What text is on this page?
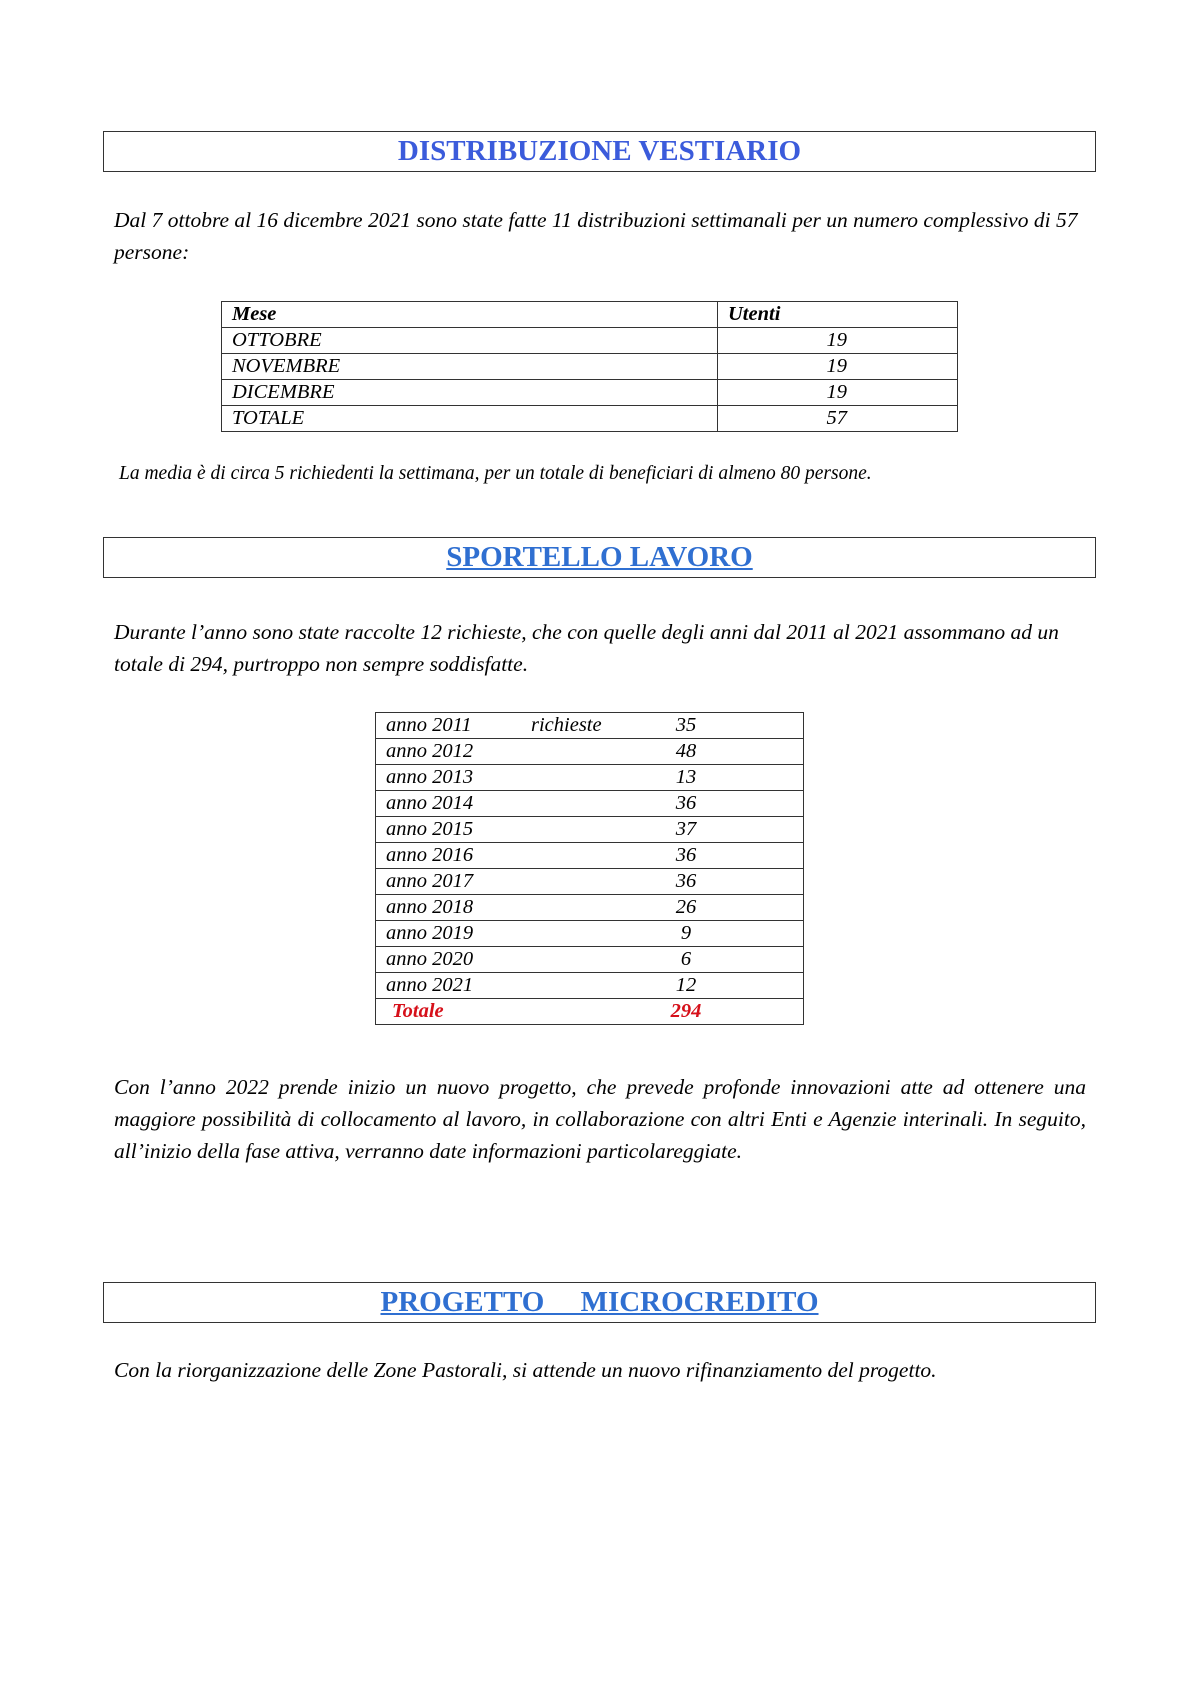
DISTRIBUZIONE VESTIARIO

Dal 7 ottobre al 16 dicembre 2021 sono state fatte 11 distribuzioni settimanali per un numero complessivo di 57 persone:

Mese	Utenti
OTTOBRE	19
NOVEMBRE	19
DICEMBRE	19
TOTALE	57

La media è di circa 5 richiedenti la settimana, per un totale di beneficiari di almeno 80 persone.

SPORTELLO LAVORO

Durante l’anno sono state raccolte 12 richieste, che con quelle degli anni dal 2011 al 2021 assommano ad un totale di 294, purtroppo non sempre soddisfatte.

anno 2011	richieste	35

anno 2012	48

anno 2013	13

anno 2014	36

anno 2015	37

anno 2016	36

anno 2017	36

anno 2018	26

anno 2019	9

anno 2020	6

anno 2021	12

Totale	294

Con l’anno 2022 prende inizio un nuovo progetto, che prevede profonde innovazioni atte ad ottenere una maggiore possibilità di collocamento al lavoro, in collaborazione con altri Enti e Agenzie interinali. In seguito, all’inizio della fase attiva, verranno date informazioni particolareggiate.

PROGETTO     MICROCREDITO

Con la riorganizzazione delle Zone Pastorali, si attende un nuovo rifinanziamento del progetto.
